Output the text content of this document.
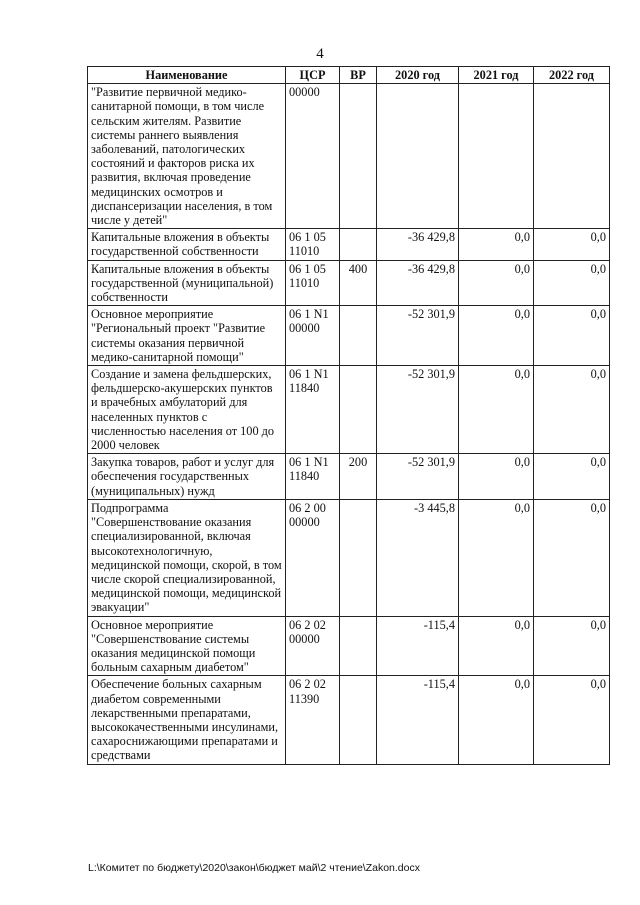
4
Наименование	ЦСР	ВР	2020 год	2021 год	2022 год
"Развитие первичной медико-санитарной помощи, в том числе сельским жителям. Развитие системы раннего выявления заболеваний, патологических состояний и факторов риска их развития, включая проведение медицинских осмотров и диспансеризации населения, в том числе у детей"	00000				
Капитальные вложения в объекты государственной собственности	06 1 05 11010		-36 429,8	0,0	0,0
Капитальные вложения в объекты государственной (муниципальной) собственности	06 1 05 11010	400	-36 429,8	0,0	0,0
Основное мероприятие "Региональный проект "Развитие системы оказания первичной медико-санитарной помощи"	06 1 N1 00000		-52 301,9	0,0	0,0
Создание и замена фельдшерских, фельдшерско-акушерских пунктов и врачебных амбулаторий для населенных пунктов с численностью населения от 100 до 2000 человек	06 1 N1 11840		-52 301,9	0,0	0,0
Закупка товаров, работ и услуг для обеспечения государственных (муниципальных) нужд	06 1 N1 11840	200	-52 301,9	0,0	0,0
Подпрограмма "Совершенствование оказания специализированной, включая высокотехнологичную, медицинской помощи, скорой, в том числе скорой специализированной, медицинской помощи, медицинской эвакуации"	06 2 00 00000		-3 445,8	0,0	0,0
Основное мероприятие "Совершенствование системы оказания медицинской помощи больным сахарным диабетом"	06 2 02 00000		-115,4	0,0	0,0
Обеспечение больных сахарным диабетом современными лекарственными препаратами, высококачественными инсулинами, сахароснижающими препаратами и средствами	06 2 02 11390		-115,4	0,0	0,0
L:\Комитет по бюджету\2020\закон\бюджет май\2 чтение\Zakon.docx
